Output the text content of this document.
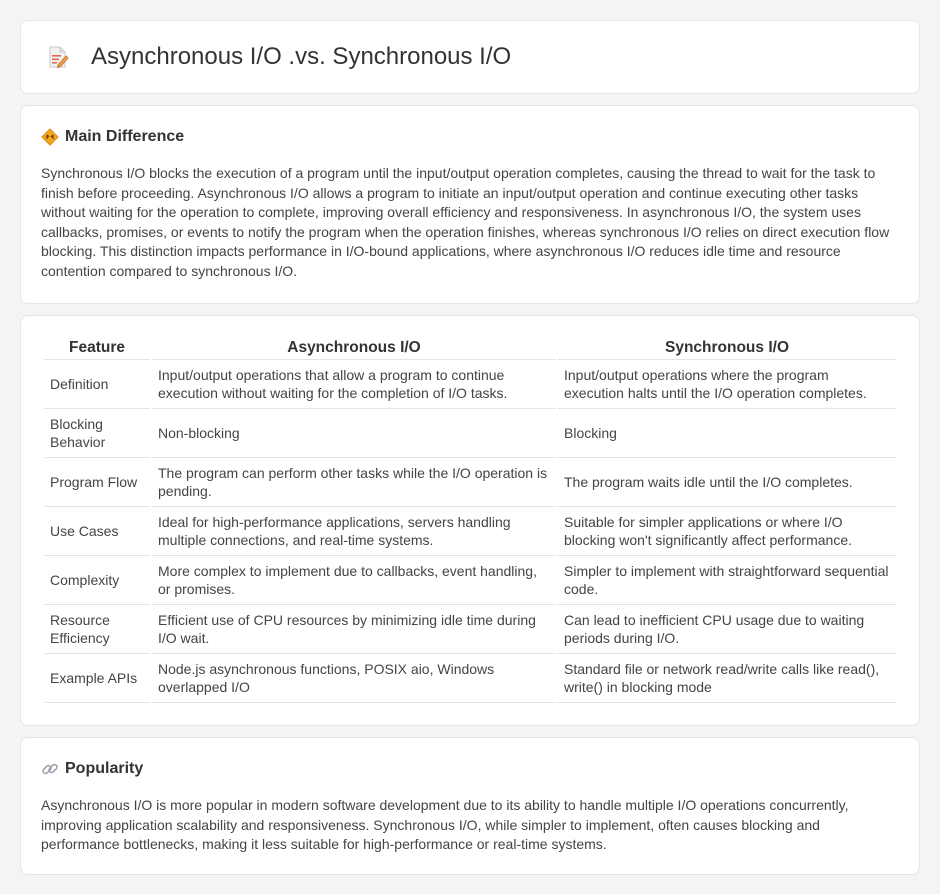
Asynchronous I/O .vs. Synchronous I/O
Main Difference

Synchronous I/O blocks the execution of a program until the input/output operation completes, causing the thread to wait for the task to finish before proceeding. Asynchronous I/O allows a program to initiate an input/output operation and continue executing other tasks without waiting for the operation to complete, improving overall efficiency and responsiveness. In asynchronous I/O, the system uses callbacks, promises, or events to notify the program when the operation finishes, whereas synchronous I/O relies on direct execution flow blocking. This distinction impacts performance in I/O-bound applications, where asynchronous I/O reduces idle time and resource contention compared to synchronous I/O.

Feature	Asynchronous I/O	Synchronous I/O
Definition	Input/output operations that allow a program to continue execution without waiting for the completion of I/O tasks.	Input/output operations where the program execution halts until the I/O operation completes.
Blocking Behavior	Non-blocking	Blocking
Program Flow	The program can perform other tasks while the I/O operation is pending.	The program waits idle until the I/O completes.
Use Cases	Ideal for high-performance applications, servers handling multiple connections, and real-time systems.	Suitable for simpler applications or where I/O blocking won't significantly affect performance.
Complexity	More complex to implement due to callbacks, event handling, or promises.	Simpler to implement with straightforward sequential code.
Resource Efficiency	Efficient use of CPU resources by minimizing idle time during I/O wait.	Can lead to inefficient CPU usage due to waiting periods during I/O.
Example APIs	Node.js asynchronous functions, POSIX aio, Windows overlapped I/O	Standard file or network read/write calls like read(), write() in blocking mode
Popularity

Asynchronous I/O is more popular in modern software development due to its ability to handle multiple I/O operations concurrently, improving application scalability and responsiveness. Synchronous I/O, while simpler to implement, often causes blocking and performance bottlenecks, making it less suitable for high-performance or real-time systems.
